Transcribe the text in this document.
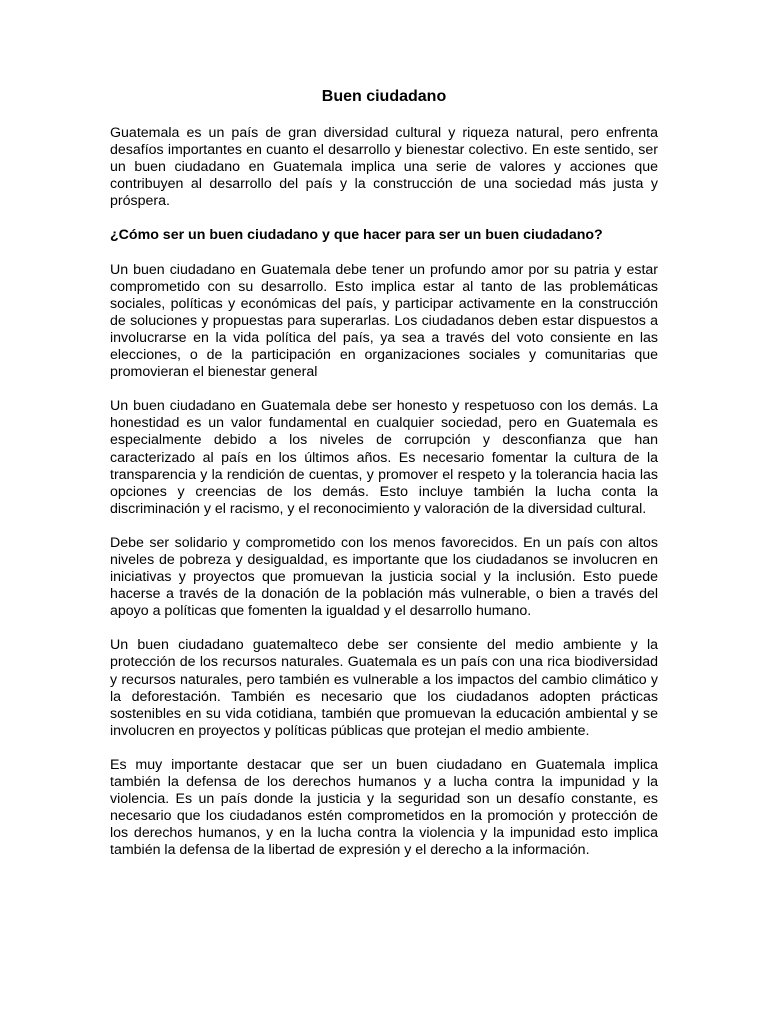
Buen ciudadano
Guatemala es un país de gran diversidad cultural y riqueza natural, pero enfrenta desafíos importantes en cuanto el desarrollo y bienestar colectivo. En este sentido, ser un buen ciudadano en Guatemala implica una serie de valores y acciones que contribuyen al desarrollo del país y la construcción de una sociedad más justa y próspera.
¿Cómo ser un buen ciudadano y que hacer para ser un buen ciudadano?
Un buen ciudadano en Guatemala debe tener un profundo amor por su patria y estar comprometido con su desarrollo. Esto implica estar al tanto de las problemáticas sociales, políticas y económicas del país, y participar activamente en la construcción de soluciones y propuestas para superarlas. Los ciudadanos deben estar dispuestos a involucrarse en la vida política del país, ya sea a través del voto consiente en las elecciones, o de la participación en organizaciones sociales y comunitarias que promovieran el bienestar general
Un buen ciudadano en Guatemala debe ser honesto y respetuoso con los demás. La honestidad es un valor fundamental en cualquier sociedad, pero en Guatemala es especialmente debido a los niveles de corrupción y desconfianza que han caracterizado al país en los últimos años. Es necesario fomentar la cultura de la transparencia y la rendición de cuentas, y promover el respeto y la tolerancia hacia las opciones y creencias de los demás. Esto incluye también la lucha conta la discriminación y el racismo, y el reconocimiento y valoración de la diversidad cultural.
Debe ser solidario y comprometido con los menos favorecidos. En un país con altos niveles de pobreza y desigualdad, es importante que los ciudadanos se involucren en iniciativas y proyectos que promuevan la justicia social y la inclusión. Esto puede hacerse a través de la donación de la población más vulnerable, o bien a través del apoyo a políticas que fomenten la igualdad y el desarrollo humano.
Un buen ciudadano guatemalteco debe ser consiente del medio ambiente y la protección de los recursos naturales. Guatemala es un país con una rica biodiversidad y recursos naturales, pero también es vulnerable a los impactos del cambio climático y la deforestación. También es necesario que los ciudadanos adopten prácticas sostenibles en su vida cotidiana, también que promuevan la educación ambiental y se involucren en proyectos y políticas públicas que protejan el medio ambiente.
Es muy importante destacar que ser un buen ciudadano en Guatemala implica también la defensa de los derechos humanos y a lucha contra la impunidad y la violencia. Es un país donde la justicia y la seguridad son un desafío constante, es necesario que los ciudadanos estén comprometidos en la promoción y protección de los derechos humanos, y en la lucha contra la violencia y la impunidad esto implica también la defensa de la libertad de expresión y el derecho a la información.
